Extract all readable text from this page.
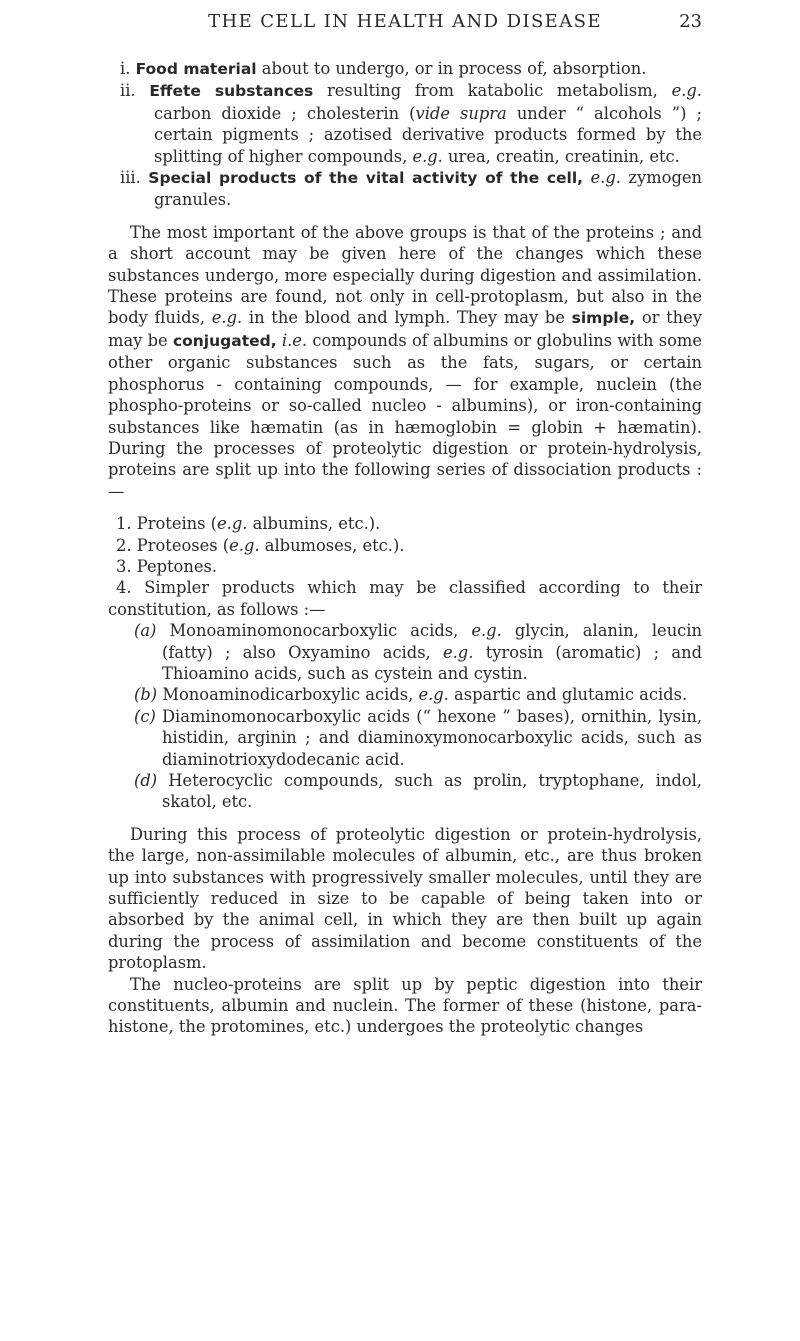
THE CELL IN HEALTH AND DISEASE	23

i. Food material about to undergo, or in process of, absorption.

ii. Effete substances resulting from katabolic metabolism, e.g. carbon dioxide ; cholesterin (vide supra under “ alcohols ”) ; certain pigments ; azotised derivative products formed by the splitting of higher compounds, e.g. urea, creatin, creatinin, etc.

iii. Special products of the vital activity of the cell, e.g. zymogen granules.

The most important of the above groups is that of the proteins ; and a short account may be given here of the changes which these substances undergo, more especially during digestion and assimilation. These proteins are found, not only in cell-protoplasm, but also in the body fluids, e.g. in the blood and lymph. They may be simple, or they may be conjugated, i.e. compounds of albumins or globulins with some other organic substances such as the fats, sugars, or certain phosphorus - containing compounds, — for example, nuclein (the phospho-proteins or so-called nucleo - albumins), or iron-containing substances like hæmatin (as in hæmoglobin = globin + hæmatin). During the processes of proteolytic digestion or protein-hydrolysis, proteins are split up into the following series of dissociation products :—

1. Proteins (e.g. albumins, etc.).

2. Proteoses (e.g. albumoses, etc.).

3. Peptones.

4. Simpler products which may be classified according to their constitution, as follows :—

(a) Monoaminomonocarboxylic acids, e.g. glycin, alanin, leucin (fatty) ; also Oxyamino acids, e.g. tyrosin (aromatic) ; and Thioamino acids, such as cystein and cystin.

(b) Monoaminodicarboxylic acids, e.g. aspartic and glutamic acids.

(c) Diaminomonocarboxylic acids (“ hexone ” bases), ornithin, lysin, histidin, arginin ; and diaminoxymonocarboxylic acids, such as diaminotrioxydodecanic acid.

(d) Heterocyclic compounds, such as prolin, tryptophane, indol, skatol, etc.

During this process of proteolytic digestion or protein-hydrolysis, the large, non-assimilable molecules of albumin, etc., are thus broken up into substances with progressively smaller molecules, until they are sufficiently reduced in size to be capable of being taken into or absorbed by the animal cell, in which they are then built up again during the process of assimilation and become constituents of the protoplasm.

The nucleo-proteins are split up by peptic digestion into their constituents, albumin and nuclein. The former of these (histone, para-histone, the protomines, etc.) undergoes the proteolytic changes
